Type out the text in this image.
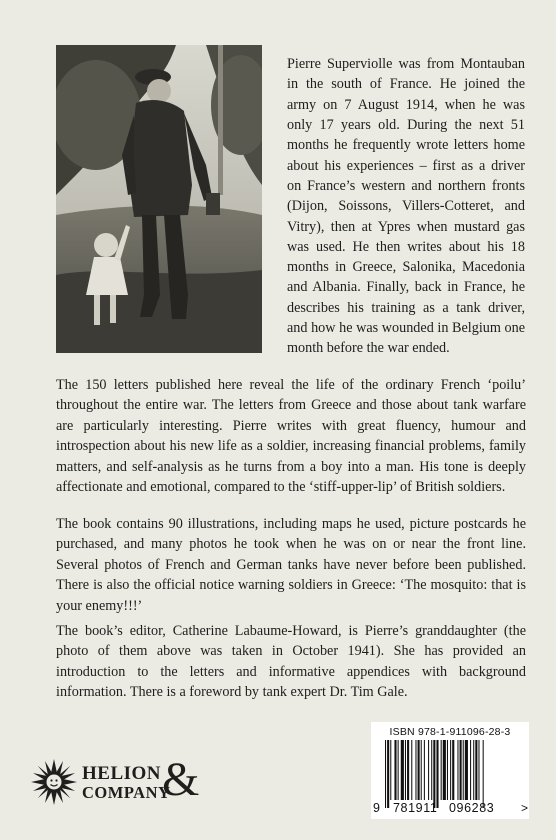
Pierre Superviolle was from Montauban in the south of France. He joined the army on 7 August 1914, when he was only 17 years old. During the next 51 months he frequently wrote letters home about his experiences – first as a driver on France’s western and northern fronts (Dijon, Soissons, Villers-Cotteret, and Vitry), then at Ypres when mustard gas was used. He then writes about his 18 months in Greece, Salonika, Macedonia and Albania. Finally, back in France, he describes his training as a tank driver, and how he was wounded in Belgium one month before the war ended.

The 150 letters published here reveal the life of the ordinary French ‘poilu’ throughout the entire war. The letters from Greece and those about tank warfare are particularly interesting. Pierre writes with great fluency, humour and introspection about his new life as a soldier, increasing financial problems, family matters, and self-analysis as he turns from a boy into a man. His tone is deeply affectionate and emotional, compared to the ‘stiff-upper-lip’ of British soldiers.

The book contains 90 illustrations, including maps he used, picture postcards he purchased, and many photos he took when he was on or near the front line. Several photos of French and German tanks have never before been published. There is also the official notice warning soldiers in Greece: ‘The mosquito: that is your enemy!!!’

The book’s editor, Catherine Labaume-Howard, is Pierre’s granddaughter (the photo of them above was taken in October 1941). She has provided an introduction to the letters and informative appendices with background information. There is a foreword by tank expert Dr. Tim Gale.

HELION
COMPANY
&
ISBN 978-1-911096-28-3
9 781911 096283 >
